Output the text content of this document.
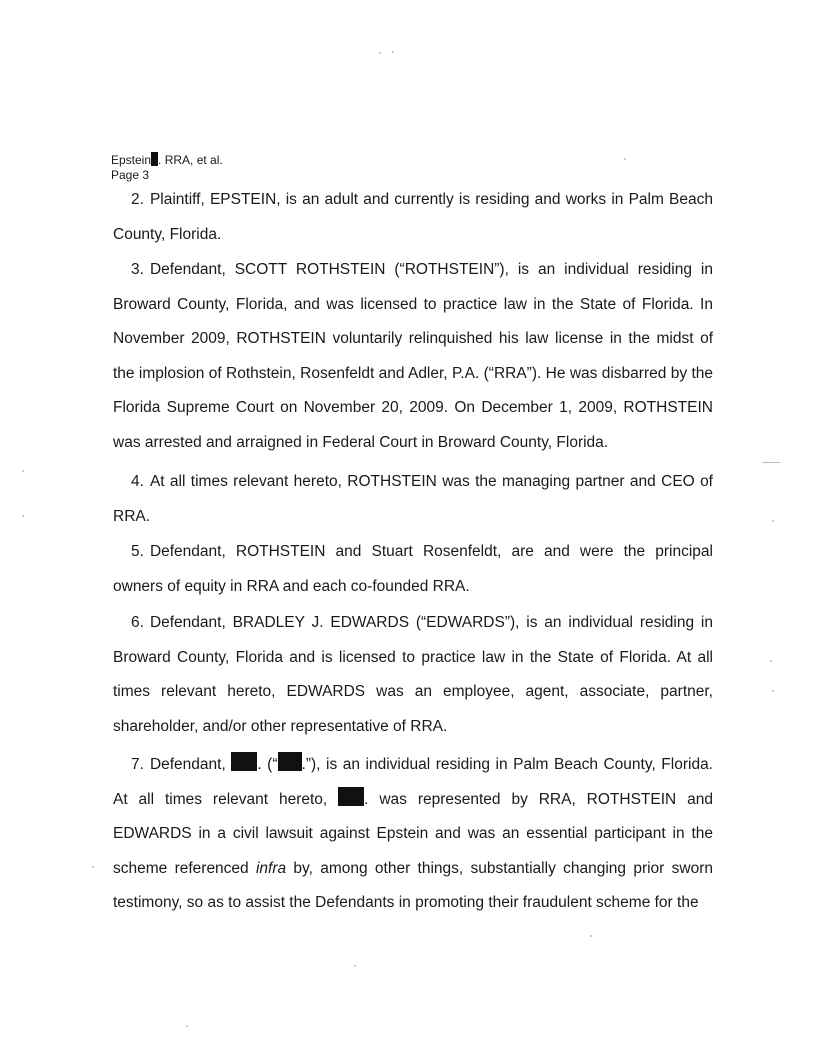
Epstein . RRA, et al.
Page 3
2. Plaintiff, EPSTEIN, is an adult and currently is residing and works in Palm Beach County, Florida.
3. Defendant, SCOTT ROTHSTEIN (“ROTHSTEIN”), is an individual residing in Broward County, Florida, and was licensed to practice law in the State of Florida. In November 2009, ROTHSTEIN voluntarily relinquished his law license in the midst of the implosion of Rothstein, Rosenfeldt and Adler, P.A. (“RRA”). He was disbarred by the Florida Supreme Court on November 20, 2009. On December 1, 2009, ROTHSTEIN was arrested and arraigned in Federal Court in Broward County, Florida.
4. At all times relevant hereto, ROTHSTEIN was the managing partner and CEO of RRA.
5. Defendant, ROTHSTEIN and Stuart Rosenfeldt, are and were the principal owners of equity in RRA and each co-founded RRA.
6. Defendant, BRADLEY J. EDWARDS (“EDWARDS”), is an individual residing in Broward County, Florida and is licensed to practice law in the State of Florida. At all times relevant hereto, EDWARDS was an employee, agent, associate, partner, shareholder, and/or other representative of RRA.
7. Defendant, . (“ .”), is an individual residing in Palm Beach County, Florida. At all times relevant hereto, . was represented by RRA, ROTHSTEIN and EDWARDS in a civil lawsuit against Epstein and was an essential participant in the scheme referenced infra by, among other things, substantially changing prior sworn testimony, so as to assist the Defendants in promoting their fraudulent scheme for the
